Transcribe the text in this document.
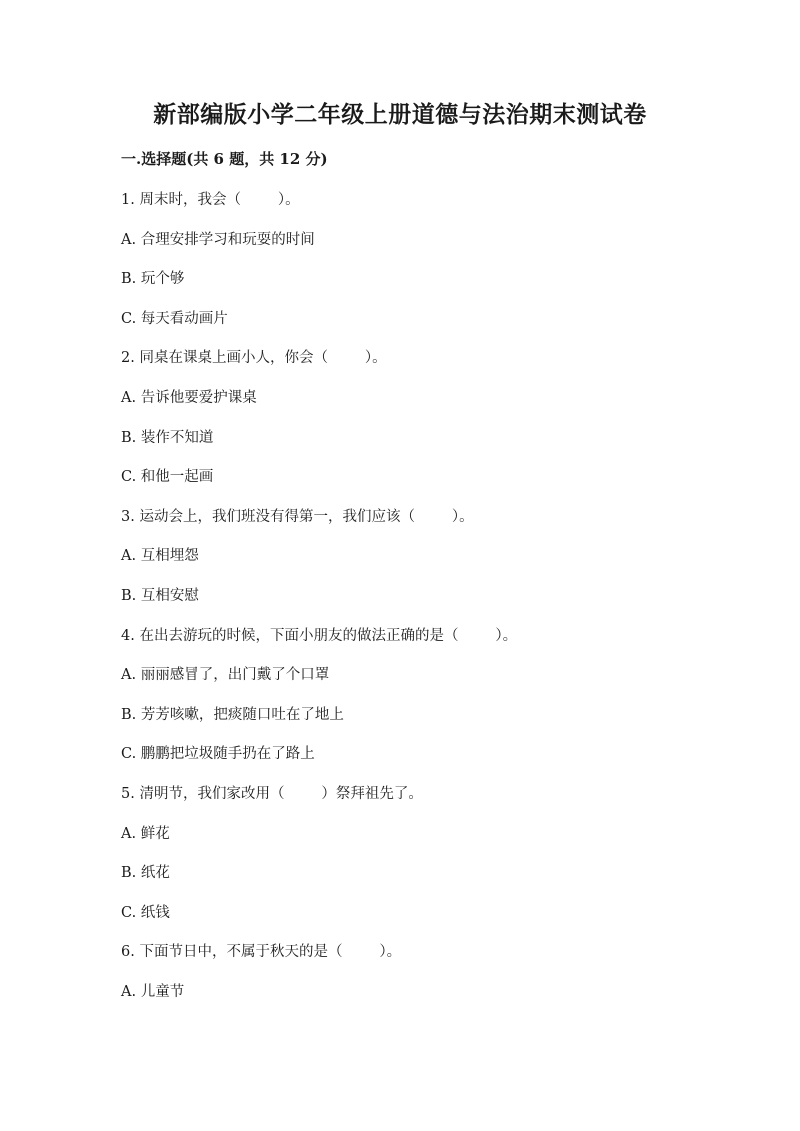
新部编版小学二年级上册道德与法治期末测试卷
一.选择题(共 6 题，共 12 分)
1. 周末时，我会（        ）。
A. 合理安排学习和玩耍的时间
B. 玩个够
C. 每天看动画片
2. 同桌在课桌上画小人，你会（        ）。
A. 告诉他要爱护课桌
B. 装作不知道
C. 和他一起画
3. 运动会上，我们班没有得第一，我们应该（        ）。
A. 互相埋怨
B. 互相安慰
4. 在出去游玩的时候，下面小朋友的做法正确的是（        ）。
A. 丽丽感冒了，出门戴了个口罩
B. 芳芳咳嗽，把痰随口吐在了地上
C. 鹏鹏把垃圾随手扔在了路上
5. 清明节，我们家改用（        ）祭拜祖先了。
A. 鲜花
B. 纸花
C. 纸钱
6. 下面节日中，不属于秋天的是（        ）。
A. 儿童节
